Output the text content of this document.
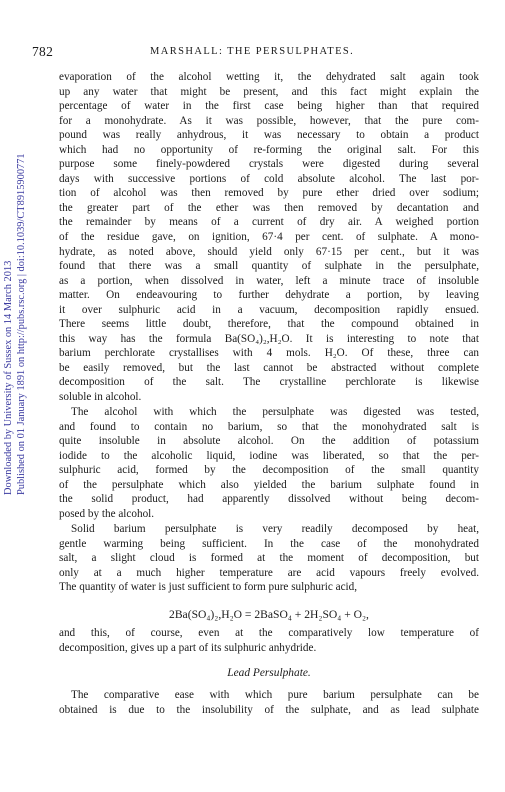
782	MARSHALL: THE PERSULPHATES.
Downloaded by University of Sussex on 14 March 2013 Published on 01 January 1891 on http://pubs.rsc.org | doi:10.1039/CT8915900771
evaporation of the alcohol wetting it, the dehydrated salt again took
up any water that might be present, and this fact might explain the
percentage of water in the first case being higher than that required
for a monohydrate. As it was possible, however, that the pure com-
pound was really anhydrous, it was necessary to obtain a product
which had no opportunity of re-forming the original salt. For this
purpose some finely-powdered crystals were digested during several
days with successive portions of cold absolute alcohol. The last por-
tion of alcohol was then removed by pure ether dried over sodium;
the greater part of the ether was then removed by decantation and
the remainder by means of a current of dry air. A weighed portion
of the residue gave, on ignition, 67·4 per cent. of sulphate. A mono-
hydrate, as noted above, should yield only 67·15 per cent., but it was
found that there was a small quantity of sulphate in the persulphate,
as a portion, when dissolved in water, left a minute trace of insoluble
matter. On endeavouring to further dehydrate a portion, by leaving
it over sulphuric acid in a vacuum, decomposition rapidly ensued.
There seems little doubt, therefore, that the compound obtained in
this way has the formula Ba(SO₄)₂,H₂O. It is interesting to note that
barium perchlorate crystallises with 4 mols. H₂O. Of these, three can
be easily removed, but the last cannot be abstracted without complete
decomposition of the salt. The crystalline perchlorate is likewise
soluble in alcohol.
The alcohol with which the persulphate was digested was tested,
and found to contain no barium, so that the monohydrated salt is
quite insoluble in absolute alcohol. On the addition of potassium
iodide to the alcoholic liquid, iodine was liberated, so that the per-
sulphuric acid, formed by the decomposition of the small quantity
of the persulphate which also yielded the barium sulphate found in
the solid product, had apparently dissolved without being decom-
posed by the alcohol.
Solid barium persulphate is very readily decomposed by heat,
gentle warming being sufficient. In the case of the monohydrated
salt, a slight cloud is formed at the moment of decomposition, but
only at a much higher temperature are acid vapours freely evolved.
The quantity of water is just sufficient to form pure sulphuric acid,
2Ba(SO₄)₂,H₂O = 2BaSO₄ + 2H₂SO₄ + O₂,
and this, of course, even at the comparatively low temperature of
decomposition, gives up a part of its sulphuric anhydride.
Lead Persulphate.
The comparative ease with which pure barium persulphate can be
obtained is due to the insolubility of the sulphate, and as lead sulphate
